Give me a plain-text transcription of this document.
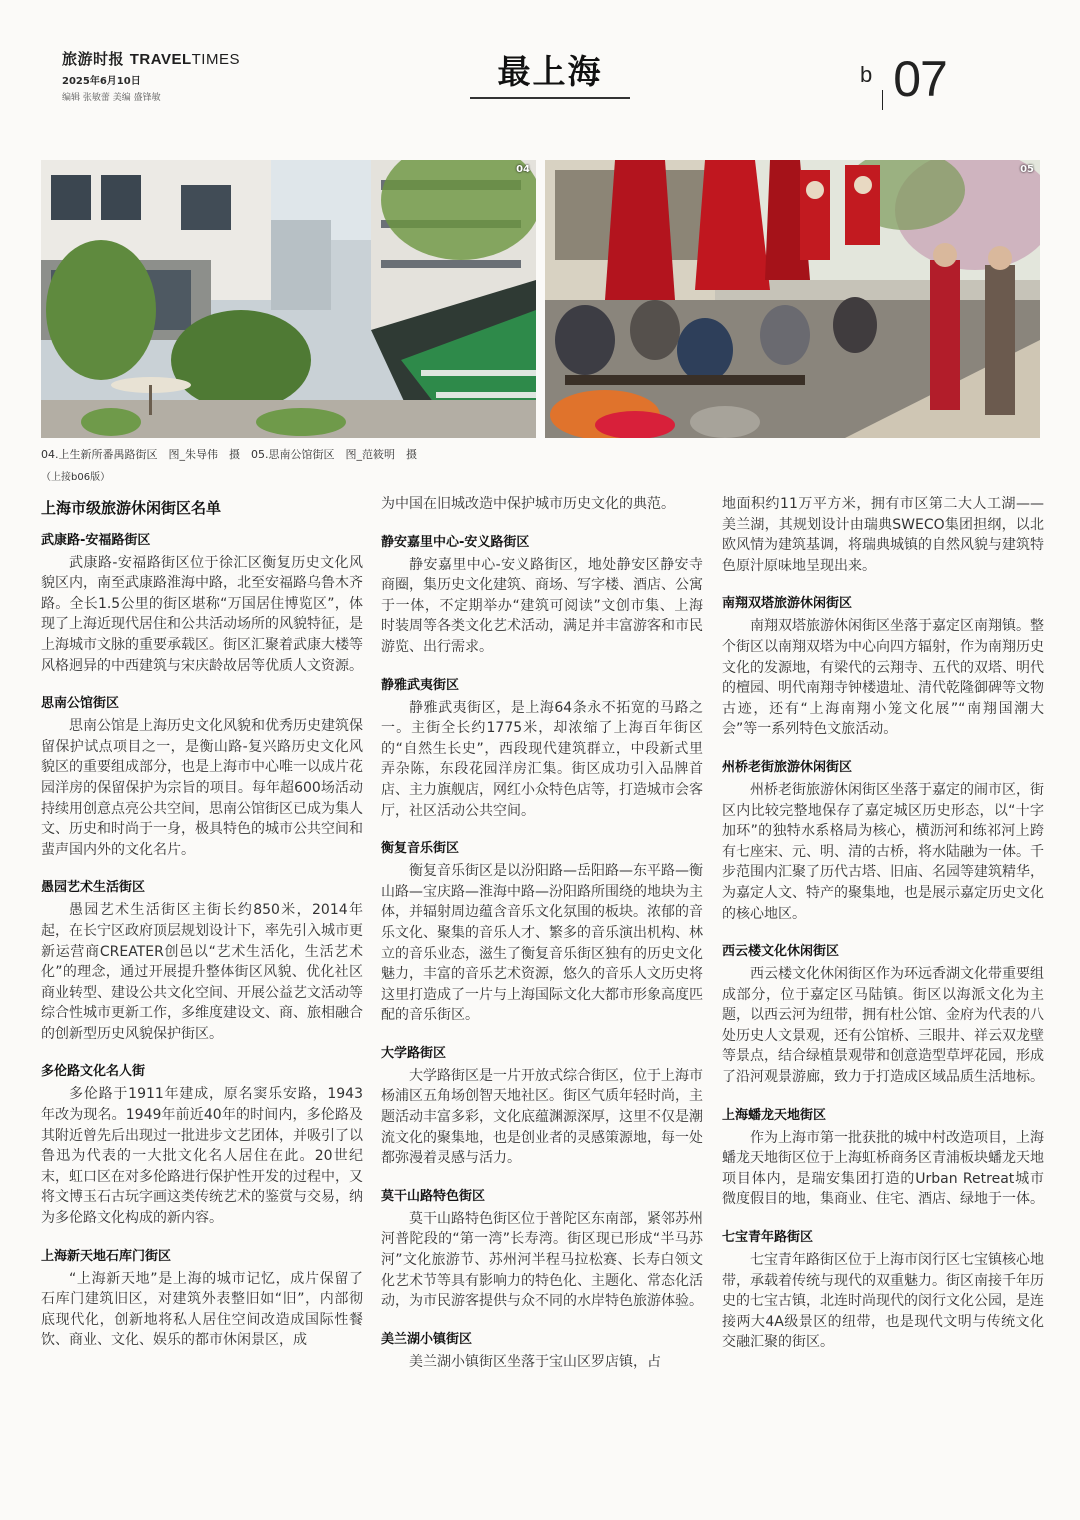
旅游时报 TRAVELTIMES
2025年6月10日
编辑 张敏蕾 美编 盛锋敏
最上海	b 07
04	05
04.上生新所番禺路街区　图_朱导伟　摄　05.思南公馆街区　图_范筱明　摄
（上接b06版）
上海市级旅游休闲街区名单
武康路-安福路街区

武康路-安福路街区位于徐汇区衡复历史文化风貌区内，南至武康路淮海中路，北至安福路乌鲁木齐路。全长1.5公里的街区堪称“万国居住博览区”，体现了上海近现代居住和公共活动场所的风貌特征，是上海城市文脉的重要承载区。街区汇聚着武康大楼等风格迥异的中西建筑与宋庆龄故居等优质人文资源。

思南公馆街区

思南公馆是上海历史文化风貌和优秀历史建筑保留保护试点项目之一，是衡山路-复兴路历史文化风貌区的重要组成部分，也是上海市中心唯一以成片花园洋房的保留保护为宗旨的项目。每年超600场活动持续用创意点亮公共空间，思南公馆街区已成为集人文、历史和时尚于一身，极具特色的城市公共空间和蜚声国内外的文化名片。

愚园艺术生活街区

愚园艺术生活街区主街长约850米，2014年起，在长宁区政府顶层规划设计下，率先引入城市更新运营商CREATER创邑以“艺术生活化，生活艺术化”的理念，通过开展提升整体街区风貌、优化社区商业转型、建设公共文化空间、开展公益艺文活动等综合性城市更新工作，多维度建设文、商、旅相融合的创新型历史风貌保护街区。

多伦路文化名人街

多伦路于1911年建成，原名窦乐安路，1943年改为现名。1949年前近40年的时间内，多伦路及其附近曾先后出现过一批进步文艺团体，并吸引了以鲁迅为代表的一大批文化名人居住在此。20世纪末，虹口区在对多伦路进行保护性开发的过程中，又将文博玉石古玩字画这类传统艺术的鉴赏与交易，纳为多伦路文化构成的新内容。

上海新天地石库门街区

“上海新天地”是上海的城市记忆，成片保留了石库门建筑旧区，对建筑外表整旧如“旧”，内部彻底现代化，创新地将私人居住空间改造成国际性餐饮、商业、文化、娱乐的都市休闲景区，成

为中国在旧城改造中保护城市历史文化的典范。

静安嘉里中心-安义路街区

静安嘉里中心-安义路街区，地处静安区静安寺商圈，集历史文化建筑、商场、写字楼、酒店、公寓于一体，不定期举办“建筑可阅读”文创市集、上海时装周等各类文化艺术活动，满足并丰富游客和市民游览、出行需求。

静雅武夷街区

静雅武夷街区，是上海64条永不拓宽的马路之一。主街全长约1775米，却浓缩了上海百年街区的“自然生长史”，西段现代建筑群立，中段新式里弄杂陈，东段花园洋房汇集。街区成功引入品牌首店、主力旗舰店，网红小众特色店等，打造城市会客厅，社区活动公共空间。

衡复音乐街区

衡复音乐街区是以汾阳路—岳阳路—东平路—衡山路—宝庆路—淮海中路—汾阳路所围绕的地块为主体，并辐射周边蕴含音乐文化氛围的板块。浓郁的音乐文化、聚集的音乐人才、繁多的音乐演出机构、林立的音乐业态，滋生了衡复音乐街区独有的历史文化魅力，丰富的音乐艺术资源，悠久的音乐人文历史将这里打造成了一片与上海国际文化大都市形象高度匹配的音乐街区。

大学路街区

大学路街区是一片开放式综合街区，位于上海市杨浦区五角场创智天地社区。街区气质年轻时尚，主题活动丰富多彩，文化底蕴渊源深厚，这里不仅是潮流文化的聚集地，也是创业者的灵感策源地，每一处都弥漫着灵感与活力。

莫干山路特色街区

莫干山路特色街区位于普陀区东南部，紧邻苏州河普陀段的“第一湾”长寿湾。街区现已形成“半马苏河”文化旅游节、苏州河半程马拉松赛、长寿白领文化艺术节等具有影响力的特色化、主题化、常态化活动，为市民游客提供与众不同的水岸特色旅游体验。

美兰湖小镇街区

美兰湖小镇街区坐落于宝山区罗店镇，占

地面积约11万平方米，拥有市区第二大人工湖——美兰湖，其规划设计由瑞典SWECO集团担纲，以北欧风情为建筑基调，将瑞典城镇的自然风貌与建筑特色原汁原味地呈现出来。

南翔双塔旅游休闲街区

南翔双塔旅游休闲街区坐落于嘉定区南翔镇。整个街区以南翔双塔为中心向四方辐射，作为南翔历史文化的发源地，有梁代的云翔寺、五代的双塔、明代的檀园、明代南翔寺钟楼遗址、清代乾隆御碑等文物古迹，还有“上海南翔小笼文化展”“南翔国潮大会”等一系列特色文旅活动。

州桥老街旅游休闲街区

州桥老街旅游休闲街区坐落于嘉定的闹市区，街区内比较完整地保存了嘉定城区历史形态，以“十字加环”的独特水系格局为核心，横沥河和练祁河上跨有七座宋、元、明、清的古桥，将水陆融为一体。千步范围内汇聚了历代古塔、旧庙、名园等建筑精华，为嘉定人文、特产的聚集地，也是展示嘉定历史文化的核心地区。

西云楼文化休闲街区

西云楼文化休闲街区作为环远香湖文化带重要组成部分，位于嘉定区马陆镇。街区以海派文化为主题，以西云河为纽带，拥有杜公馆、金府为代表的八处历史人文景观，还有公馆桥、三眼井、祥云双龙壁等景点，结合绿植景观带和创意造型草坪花园，形成了沿河观景游廊，致力于打造成区域品质生活地标。

上海蟠龙天地街区

作为上海市第一批获批的城中村改造项目，上海蟠龙天地街区位于上海虹桥商务区青浦板块蟠龙天地项目体内，是瑞安集团打造的Urban Retreat城市微度假目的地，集商业、住宅、酒店、绿地于一体。

七宝青年路街区

七宝青年路街区位于上海市闵行区七宝镇核心地带，承载着传统与现代的双重魅力。街区南接千年历史的七宝古镇，北连时尚现代的闵行文化公园，是连接两大4A级景区的纽带，也是现代文明与传统文化交融汇聚的街区。
